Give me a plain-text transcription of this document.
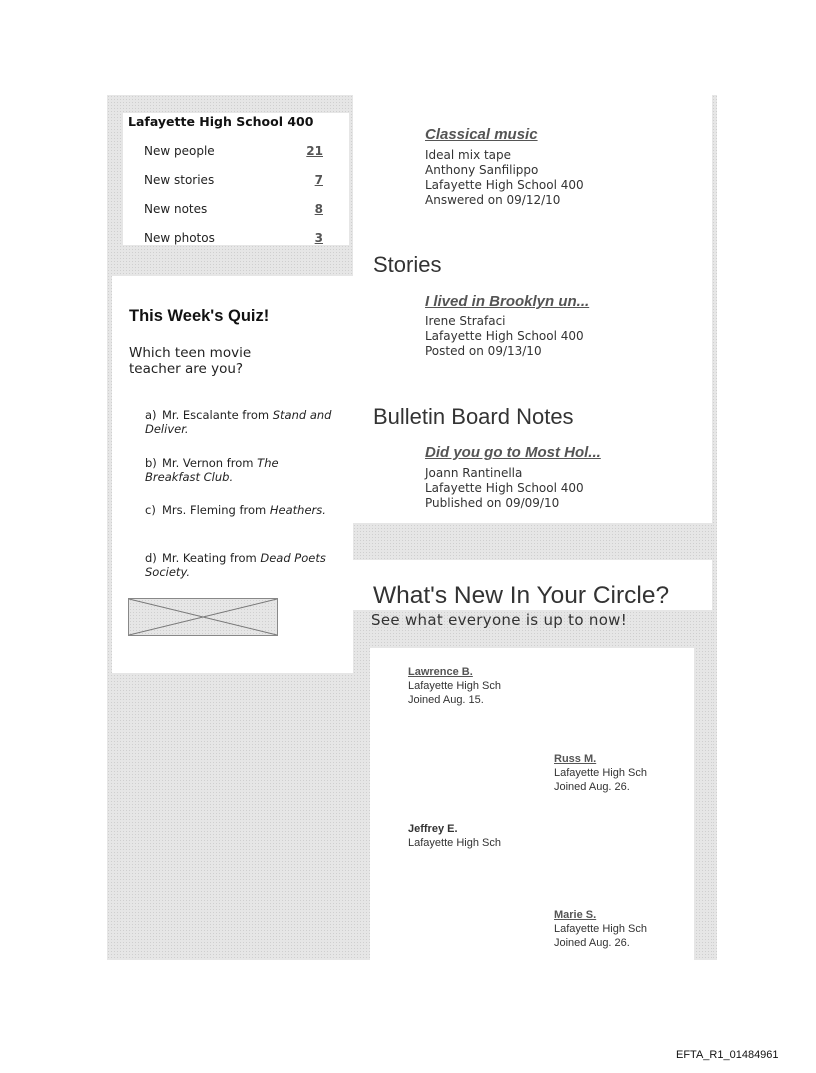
Lafayette High School 400
New people	21
New stories	7
New notes	8
New photos	3
This Week's Quiz!
Which teen movie teacher are you?
a) Mr. Escalante from Stand and Deliver.
b) Mr. Vernon from The Breakfast Club.
c) Mrs. Fleming from Heathers.
d) Mr. Keating from Dead Poets Society.
Classical music
Ideal mix tape
Anthony Sanfilippo
Lafayette High School 400
Answered on 09/12/10
Stories
I lived in Brooklyn un...
Irene Strafaci
Lafayette High School 400
Posted on 09/13/10
Bulletin Board Notes
Did you go to Most Hol...
Joann Rantinella
Lafayette High School 400
Published on 09/09/10
What's New In Your Circle?
See what everyone is up to now!
Lawrence B.
Lafayette High Sch
Joined Aug. 15.
Russ M.
Lafayette High Sch
Joined Aug. 26.
Jeffrey E.
Lafayette High Sch
Marie S.
Lafayette High Sch
Joined Aug. 26.
EFTA_R1_01484961
